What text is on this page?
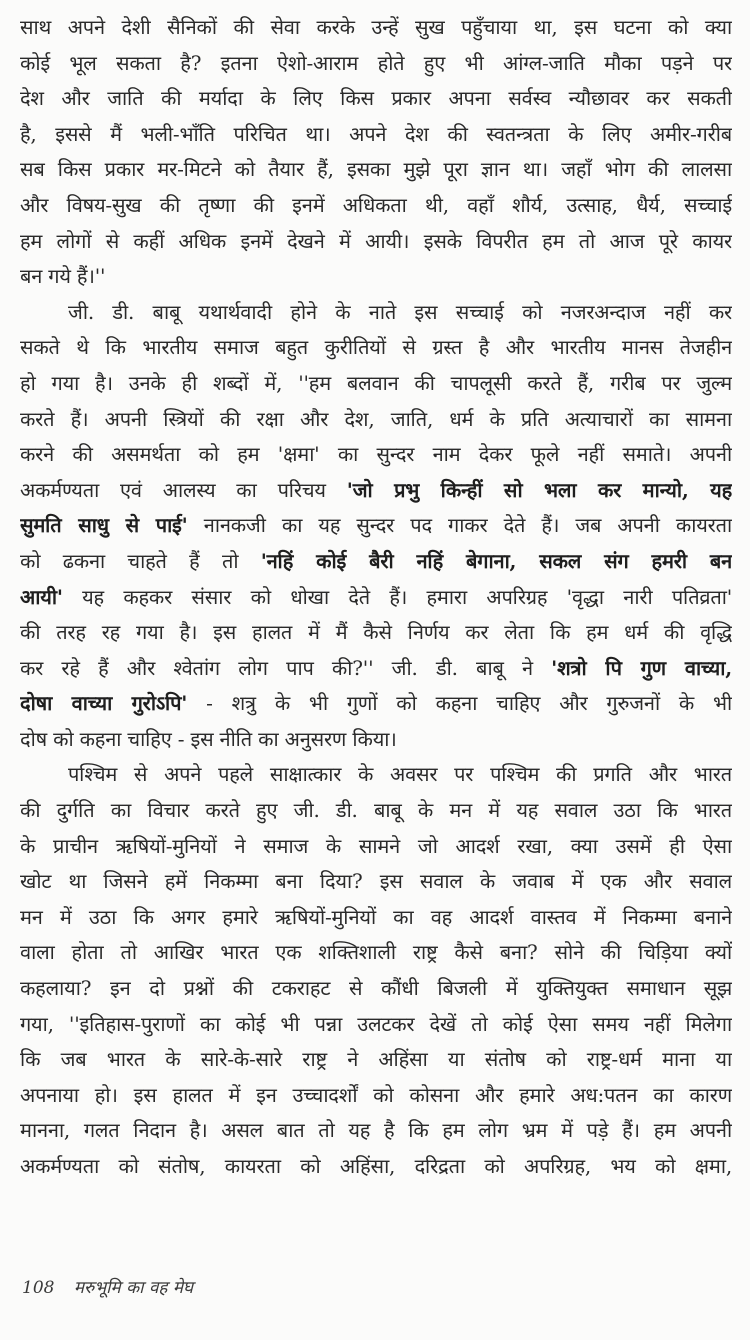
साथ अपने देशी सैनिकों की सेवा करके उन्हें सुख पहुँचाया था, इस घटना को क्या
कोई भूल सकता है? इतना ऐशो-आराम होते हुए भी आंग्ल-जाति मौका पड़ने पर
देश और जाति की मर्यादा के लिए किस प्रकार अपना सर्वस्व न्यौछावर कर सकती
है, इससे मैं भली-भाँति परिचित था। अपने देश की स्वतन्त्रता के लिए अमीर-गरीब
सब किस प्रकार मर-मिटने को तैयार हैं, इसका मुझे पूरा ज्ञान था। जहाँ भोग की लालसा
और विषय-सुख की तृष्णा की इनमें अधिकता थी, वहाँ शौर्य, उत्साह, धैर्य, सच्चाई
हम लोगों से कहीं अधिक इनमें देखने में आयी। इसके विपरीत हम तो आज पूरे कायर
बन गये हैं।''
जी. डी. बाबू यथार्थवादी होने के नाते इस सच्चाई को नजरअन्दाज नहीं कर
सकते थे कि भारतीय समाज बहुत कुरीतियों से ग्रस्त है और भारतीय मानस तेजहीन
हो गया है। उनके ही शब्दों में, ''हम बलवान की चापलूसी करते हैं, गरीब पर जुल्म
करते हैं। अपनी स्त्रियों की रक्षा और देश, जाति, धर्म के प्रति अत्याचारों का सामना
करने की असमर्थता को हम 'क्षमा' का सुन्दर नाम देकर फूले नहीं समाते। अपनी
अकर्मण्यता एवं आलस्य का परिचय 'जो प्रभु किन्हीं सो भला कर मान्यो, यह
सुमति साधु से पाई' नानकजी का यह सुन्दर पद गाकर देते हैं। जब अपनी कायरता
को ढकना चाहते हैं तो 'नहिं कोई बैरी नहिं बेगाना, सकल संग हमरी बन
आयी' यह कहकर संसार को धोखा देते हैं। हमारा अपरिग्रह 'वृद्धा नारी पतिव्रता'
की तरह रह गया है। इस हालत में मैं कैसे निर्णय कर लेता कि हम धर्म की वृद्धि
कर रहे हैं और श्वेतांग लोग पाप की?'' जी. डी. बाबू ने 'शत्रो पि गुण वाच्या,
दोषा वाच्या गुरोऽपि' - शत्रु के भी गुणों को कहना चाहिए और गुरुजनों के भी
दोष को कहना चाहिए - इस नीति का अनुसरण किया।
पश्चिम से अपने पहले साक्षात्कार के अवसर पर पश्चिम की प्रगति और भारत
की दुर्गति का विचार करते हुए जी. डी. बाबू के मन में यह सवाल उठा कि भारत
के प्राचीन ऋषियों-मुनियों ने समाज के सामने जो आदर्श रखा, क्या उसमें ही ऐसा
खोट था जिसने हमें निकम्मा बना दिया? इस सवाल के जवाब में एक और सवाल
मन में उठा कि अगर हमारे ऋषियों-मुनियों का वह आदर्श वास्तव में निकम्मा बनाने
वाला होता तो आखिर भारत एक शक्तिशाली राष्ट्र कैसे बना? सोने की चिड़िया क्यों
कहलाया? इन दो प्रश्नों की टकराहट से कौंधी बिजली में युक्तियुक्त समाधान सूझ
गया, ''इतिहास-पुराणों का कोई भी पन्ना उलटकर देखें तो कोई ऐसा समय नहीं मिलेगा
कि जब भारत के सारे-के-सारे राष्ट्र ने अहिंसा या संतोष को राष्ट्र-धर्म माना या
अपनाया हो। इस हालत में इन उच्चादर्शों को कोसना और हमारे अध:पतन का कारण
मानना, गलत निदान है। असल बात तो यह है कि हम लोग भ्रम में पड़े हैं। हम अपनी
अकर्मण्यता को संतोष, कायरता को अहिंसा, दरिद्रता को अपरिग्रह, भय को क्षमा,
108 मरुभूमि का वह मेघ
